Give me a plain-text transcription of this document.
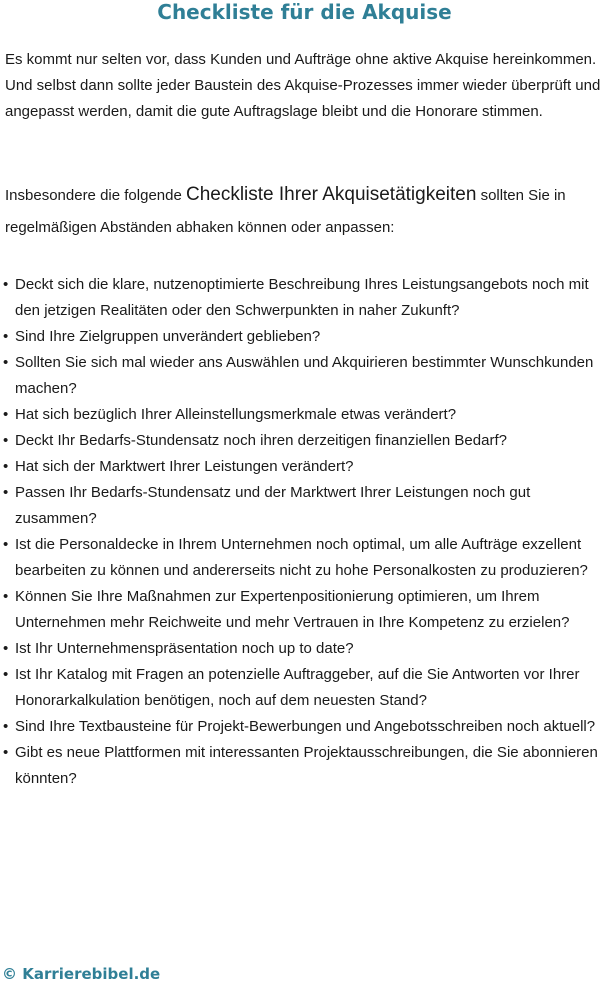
Checkliste für die Akquise

Es kommt nur selten vor, dass Kunden und Aufträge ohne aktive Akquise hereinkommen. Und selbst dann sollte jeder Baustein des Akquise-Prozesses immer wieder überprüft und angepasst werden, damit die gute Auftragslage bleibt und die Honorare stimmen.

Insbesondere die folgende Checkliste Ihrer Akquisetätigkeiten sollten Sie in regelmäßigen Abständen abhaken können oder anpassen:

• Deckt sich die klare, nutzenoptimierte Beschreibung Ihres Leistungsangebots noch mit den jetzigen Realitäten oder den Schwerpunkten in naher Zukunft?
• Sind Ihre Zielgruppen unverändert geblieben?
• Sollten Sie sich mal wieder ans Auswählen und Akquirieren bestimmter Wunschkunden machen?
• Hat sich bezüglich Ihrer Alleinstellungsmerkmale etwas verändert?
• Deckt Ihr Bedarfs-Stundensatz noch ihren derzeitigen finanziellen Bedarf?
• Hat sich der Marktwert Ihrer Leistungen verändert?
• Passen Ihr Bedarfs-Stundensatz und der Marktwert Ihrer Leistungen noch gut zusammen?
• Ist die Personaldecke in Ihrem Unternehmen noch optimal, um alle Aufträge exzellent bearbeiten zu können und andererseits nicht zu hohe Personalkosten zu produzieren?
• Können Sie Ihre Maßnahmen zur Expertenpositionierung optimieren, um Ihrem Unternehmen mehr Reichweite und mehr Vertrauen in Ihre Kompetenz zu erzielen?
• Ist Ihr Unternehmenspräsentation noch up to date?
• Ist Ihr Katalog mit Fragen an potenzielle Auftraggeber, auf die Sie Antworten vor Ihrer Honorarkalkulation benötigen, noch auf dem neuesten Stand?
• Sind Ihre Textbausteine für Projekt-Bewerbungen und Angebotsschreiben noch aktuell?
• Gibt es neue Plattformen mit interessanten Projektausschreibungen, die Sie abonnieren könnten?
© Karrierebibel.de
